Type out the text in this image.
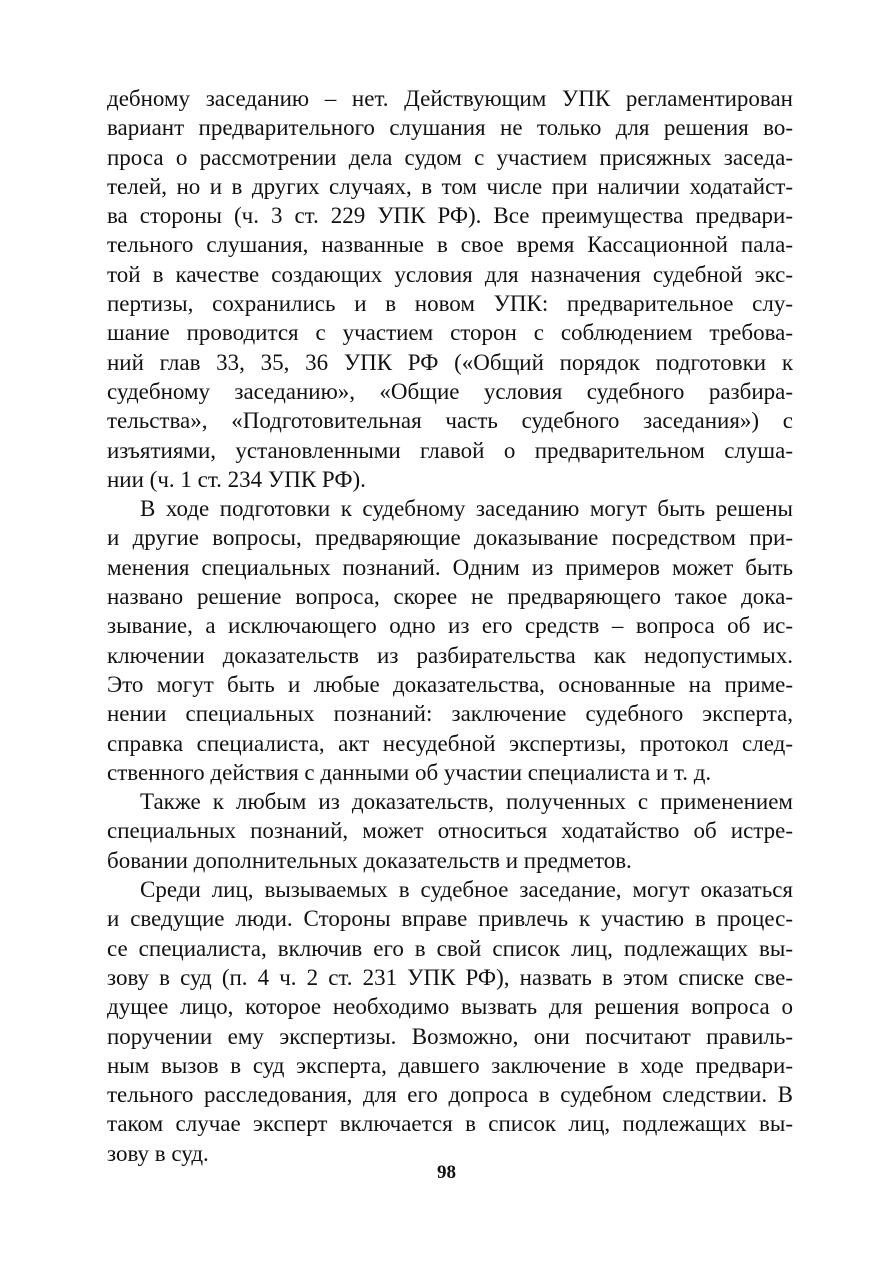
дебному заседанию – нет. Действующим УПК регламентирован
вариант предварительного слушания не только для решения во-
проса о рассмотрении дела судом с участием присяжных заседа-
телей, но и в других случаях, в том числе при наличии ходатайст-
ва стороны (ч. 3 ст. 229 УПК РФ). Все преимущества предвари-
тельного слушания, названные в свое время Кассационной пала-
той в качестве создающих условия для назначения судебной экс-
пертизы, сохранились и в новом УПК: предварительное слу-
шание проводится с участием сторон с соблюдением требова-
ний глав 33, 35, 36 УПК РФ («Общий порядок подготовки к
судебному заседанию», «Общие условия судебного разбира-
тельства», «Подготовительная часть судебного заседания») с
изъятиями, установленными главой о предварительном слуша-
нии (ч. 1 ст. 234 УПК РФ).

В ходе подготовки к судебному заседанию могут быть решены
и другие вопросы, предваряющие доказывание посредством при-
менения специальных познаний. Одним из примеров может быть
названо решение вопроса, скорее не предваряющего такое дока-
зывание, а исключающего одно из его средств – вопроса об ис-
ключении доказательств из разбирательства как недопустимых.
Это могут быть и любые доказательства, основанные на приме-
нении специальных познаний: заключение судебного эксперта,
справка специалиста, акт несудебной экспертизы, протокол след-
ственного действия с данными об участии специалиста и т. д.

Также к любым из доказательств, полученных с применением
специальных познаний, может относиться ходатайство об истре-
бовании дополнительных доказательств и предметов.

Среди лиц, вызываемых в судебное заседание, могут оказаться
и сведущие люди. Стороны вправе привлечь к участию в процес-
се специалиста, включив его в свой список лиц, подлежащих вы-
зову в суд (п. 4 ч. 2 ст. 231 УПК РФ), назвать в этом списке све-
дущее лицо, которое необходимо вызвать для решения вопроса о
поручении ему экспертизы. Возможно, они посчитают правиль-
ным вызов в суд эксперта, давшего заключение в ходе предвари-
тельного расследования, для его допроса в судебном следствии. В
таком случае эксперт включается в список лиц, подлежащих вы-
зову в суд.

98
